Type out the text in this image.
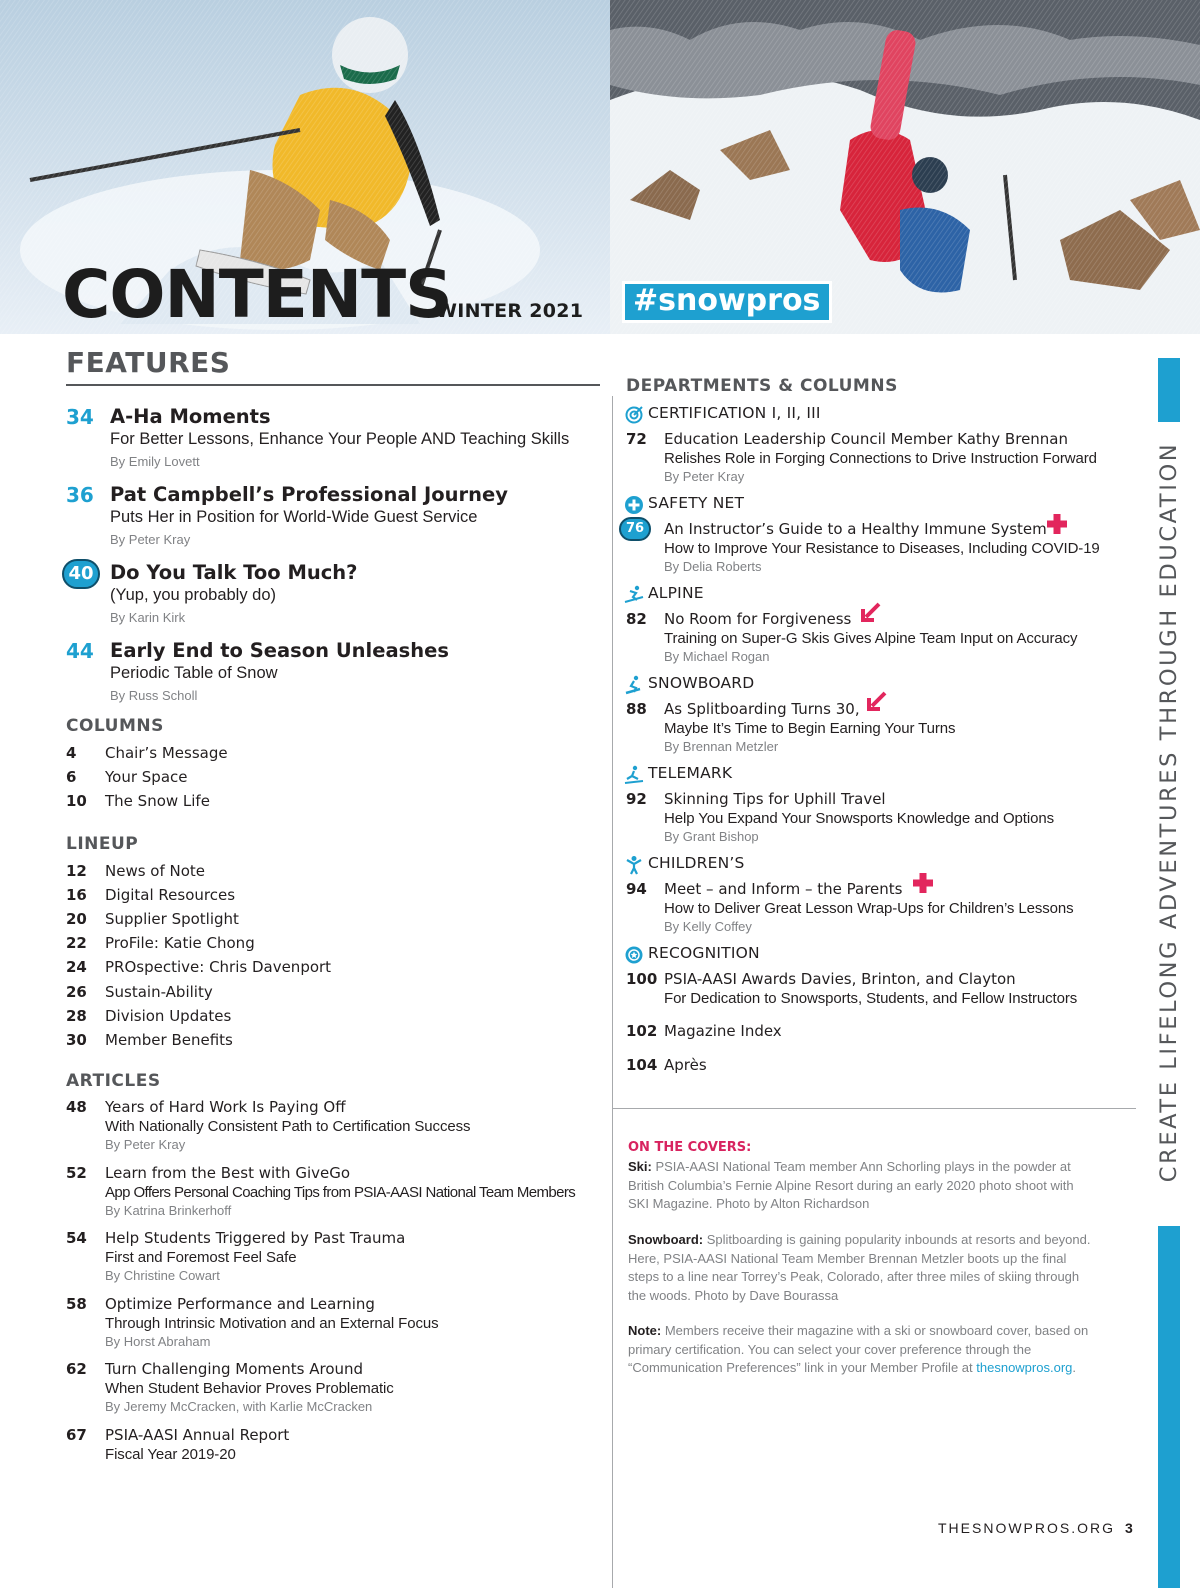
CONTENTS
WINTER 2021	#snowpros
FEATURES
34 A-Ha Moments
For Better Lessons, Enhance Your People AND Teaching Skills
By Emily Lovett
36 Pat Campbell’s Professional Journey
Puts Her in Position for World-Wide Guest Service
By Peter Kray
40 Do You Talk Too Much?
(Yup, you probably do)
By Karin Kirk
44 Early End to Season Unleashes
Periodic Table of Snow
By Russ Scholl
COLUMNS
4 Chair’s Message
6 Your Space
10 The Snow Life
LINEUP
12 News of Note
16 Digital Resources
20 Supplier Spotlight
22 ProFile: Katie Chong
24 PROspective: Chris Davenport
26 Sustain-Ability
28 Division Updates
30 Member Benefits
ARTICLES
48 Years of Hard Work Is Paying Off
With Nationally Consistent Path to Certification Success
By Peter Kray
52 Learn from the Best with GiveGo
App Offers Personal Coaching Tips from PSIA-AASI National Team Members
By Katrina Brinkerhoff
54 Help Students Triggered by Past Trauma
First and Foremost Feel Safe
By Christine Cowart
58 Optimize Performance and Learning
Through Intrinsic Motivation and an External Focus
By Horst Abraham
62 Turn Challenging Moments Around
When Student Behavior Proves Problematic
By Jeremy McCracken, with Karlie McCracken
67 PSIA-AASI Annual Report
Fiscal Year 2019-20
DEPARTMENTS & COLUMNS
CERTIFICATION I, II, III
72 Education Leadership Council Member Kathy Brennan
Relishes Role in Forging Connections to Drive Instruction Forward
By Peter Kray
SAFETY NET
76	An Instructor’s Guide to a Healthy Immune System
How to Improve Your Resistance to Diseases, Including COVID-19
By Delia Roberts
ALPINE
82 No Room for Forgiveness
Training on Super-G Skis Gives Alpine Team Input on Accuracy
By Michael Rogan
SNOWBOARD
88 As Splitboarding Turns 30,
Maybe It’s Time to Begin Earning Your Turns
By Brennan Metzler
TELEMARK
92 Skinning Tips for Uphill Travel
Help You Expand Your Snowsports Knowledge and Options
By Grant Bishop
CHILDREN’S
94 Meet – and Inform – the Parents
How to Deliver Great Lesson Wrap-Ups for Children’s Lessons
By Kelly Coffey
RECOGNITION
100 PSIA-AASI Awards Davies, Brinton, and Clayton
For Dedication to Snowsports, Students, and Fellow Instructors
102 Magazine Index
104 Après
ON THE COVERS:

Ski: PSIA-AASI National Team member Ann Schorling plays in the powder at British Columbia’s Fernie Alpine Resort during an early 2020 photo shoot with SKI Magazine. Photo by Alton Richardson

Snowboard: Splitboarding is gaining popularity inbounds at resorts and beyond. Here, PSIA-AASI National Team Member Brennan Metzler boots up the final steps to a line near Torrey’s Peak, Colorado, after three miles of skiing through the woods. Photo by Dave Bourassa

Note: Members receive their magazine with a ski or snowboard cover, based on primary certification. You can select your cover preference through the “Communication Preferences” link in your Member Profile at thesnowpros.org.

CREATE LIFELONG ADVENTURES THROUGH EDUCATION
THESNOWPROS.ORG 3
